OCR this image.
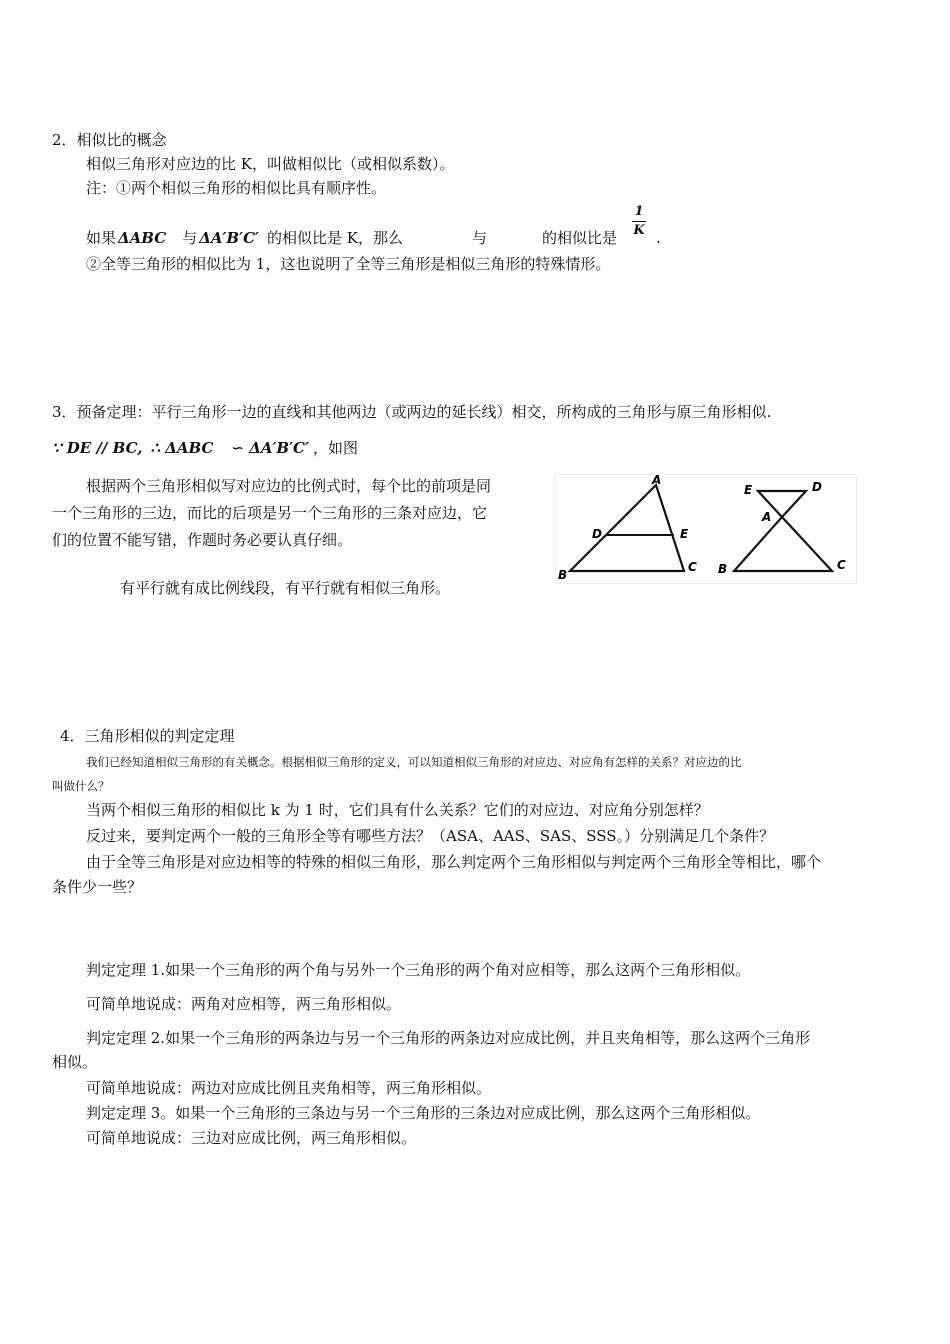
2．相似比的概念
相似三角形对应边的比 K，叫做相似比（或相似系数）。
注：①两个相似三角形的相似比具有顺序性。
如果 ΔABC 与 ΔA′B′C′ 的相似比是 K，那么	与	的相似比是
1
K .
②全等三角形的相似比为 1，这也说明了全等三角形是相似三角形的特殊情形。
3．预备定理：平行三角形一边的直线和其他两边（或两边的延长线）相交，所构成的三角形与原三角形相似.
∵ DE // BC, ∴ ΔABC ∽ ΔA′B′C′ ，如图
根据两个三角形相似写对应边的比例式时，每个比的前项是同
一个三角形的三边，而比的后项是另一个三角形的三条对应边，它
们的位置不能写错，作题时务必要认真仔细。
有平行就有成比例线段，有平行就有相似三角形。
A
D	E
B
C
E	D
A
B	C
4．三角形相似的判定定理
我们已经知道相似三角形的有关概念。根据相似三角形的定义，可以知道相似三角形的对应边、对应角有怎样的关系？对应边的比
叫做什么？
当两个相似三角形的相似比 k 为 1 时，它们具有什么关系？它们的对应边、对应角分别怎样？
反过来，要判定两个一般的三角形全等有哪些方法？（ASA、AAS、SAS、SSS。）分别满足几个条件？
由于全等三角形是对应边相等的特殊的相似三角形，那么判定两个三角形相似与判定两个三角形全等相比，哪个
条件少一些？
判定定理 1.如果一个三角形的两个角与另外一个三角形的两个角对应相等，那么这两个三角形相似。
可简单地说成：两角对应相等，两三角形相似。
判定定理 2.如果一个三角形的两条边与另一个三角形的两条边对应成比例，并且夹角相等，那么这两个三角形
相似。
可简单地说成：两边对应成比例且夹角相等，两三角形相似。
判定定理 3。如果一个三角形的三条边与另一个三角形的三条边对应成比例，那么这两个三角形相似。
可简单地说成：三边对应成比例，两三角形相似。
